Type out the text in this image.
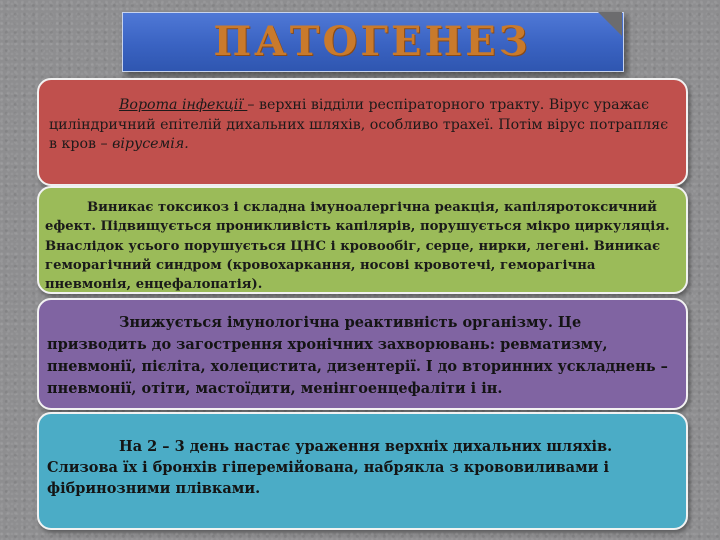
ПАТОГЕНЕЗ

Ворота інфекції – верхні відділи респіраторного тракту. Вірус уражає циліндричний епітелій дихальних шляхів, особливо трахеї. Потім вірус потрапляє в кров – вірусемія.

Виникає токсикоз і складна імуноалергічна реакція, капіляротоксичний ефект. Підвищується проникливість капілярів, порушується мікро циркуляція. Внаслідок усього порушується ЦНС і кровообіг, серце, нирки, легені. Виникає геморагічний синдром (кровохаркання, носові кровотечі, геморагічна пневмонія, енцефалопатія).

Знижується імунологічна реактивність організму. Це призводить до загострення хронічних захворювань: ревматизму, пневмонії, пієліта, холецистита, дизентерії. І до вторинних ускладнень – пневмонії, отіти, мастоїдити, менінгоенцефаліти і ін.

На 2 – 3 день настає ураження верхніх дихальних шляхів. Слизова їх і бронхів гіперемійована, набрякла з крововиливами і фібринозними плівками.
